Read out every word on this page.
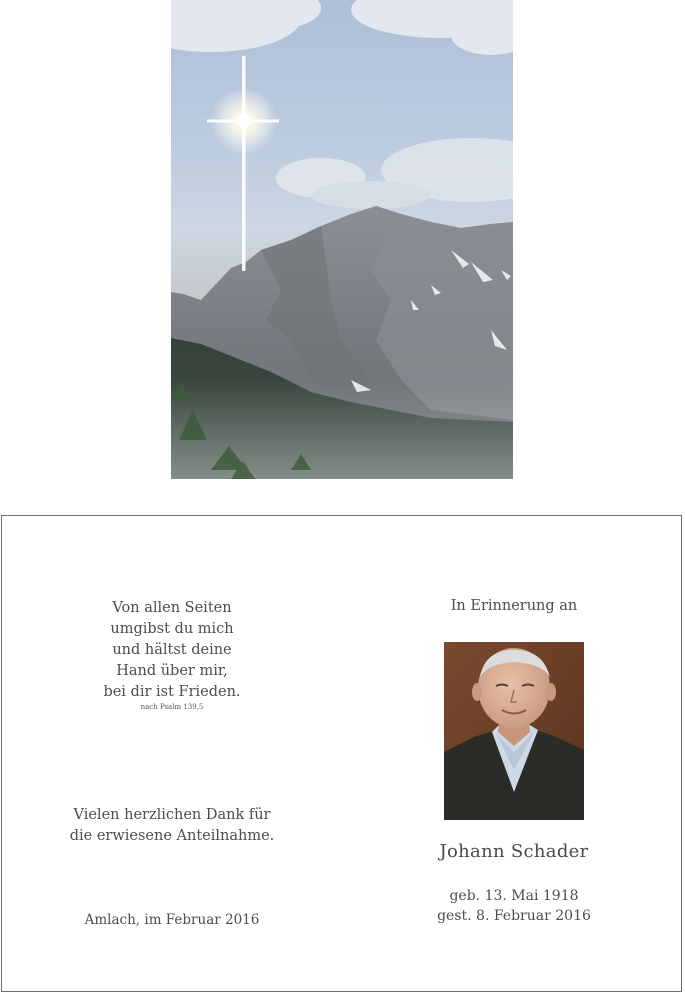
Von allen Seiten
umgibst du mich
und hältst deine
Hand über mir,
bei dir ist Frieden.
nach Psalm 139,5
Vielen herzlichen Dank für
die erwiesene Anteilnahme.
Amlach, im Februar 2016
In Erinnerung an
Johann Schader
geb. 13. Mai 1918
gest. 8. Februar 2016
